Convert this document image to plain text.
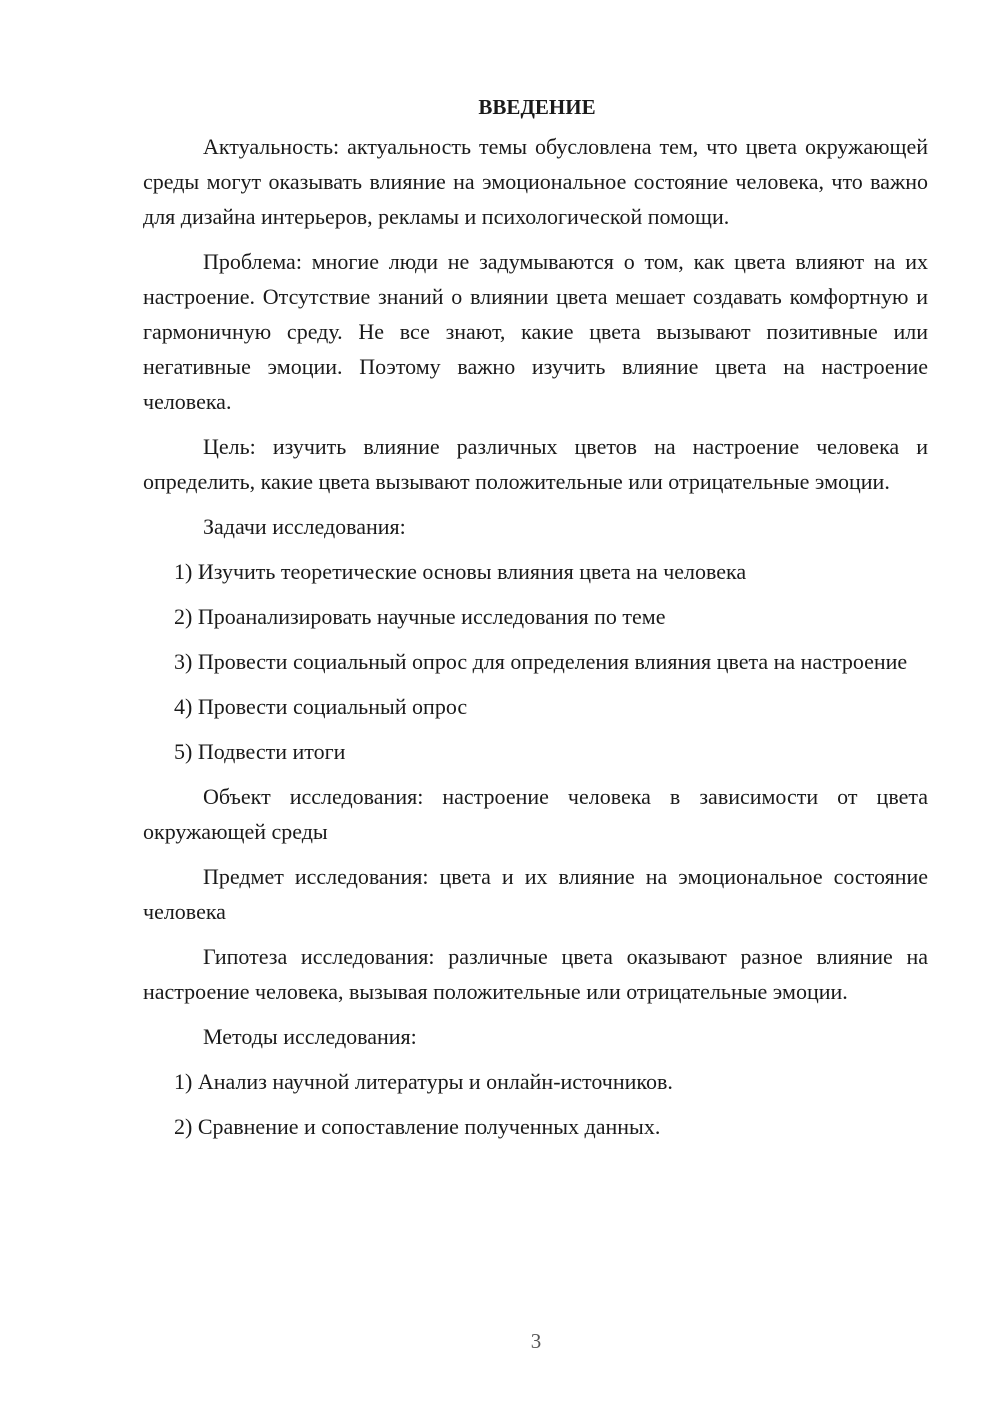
ВВЕДЕНИЕ

Актуальность: актуальность темы обусловлена тем, что цвета окружающей среды могут оказывать влияние на эмоциональное состояние человека, что важно для дизайна интерьеров, рекламы и психологической помощи.

Проблема: многие люди не задумываются о том, как цвета влияют на их настроение. Отсутствие знаний о влиянии цвета мешает создавать комфортную и гармоничную среду. Не все знают, какие цвета вызывают позитивные или негативные эмоции. Поэтому важно изучить влияние цвета на настроение человека.

Цель: изучить влияние различных цветов на настроение человека и определить, какие цвета вызывают положительные или отрицательные эмоции.

Задачи исследования:

1) Изучить теоретические основы влияния цвета на человека

2) Проанализировать научные исследования по теме

3) Провести социальный опрос для определения влияния цвета на настроение

4) Провести социальный опрос

5) Подвести итоги

Объект исследования: настроение человека в зависимости от цвета окружающей среды

Предмет исследования: цвета и их влияние на эмоциональное состояние человека

Гипотеза исследования: различные цвета оказывают разное влияние на настроение человека, вызывая положительные или отрицательные эмоции.

Методы исследования:

1) Анализ научной литературы и онлайн-источников.

2) Сравнение и сопоставление полученных данных.

3
